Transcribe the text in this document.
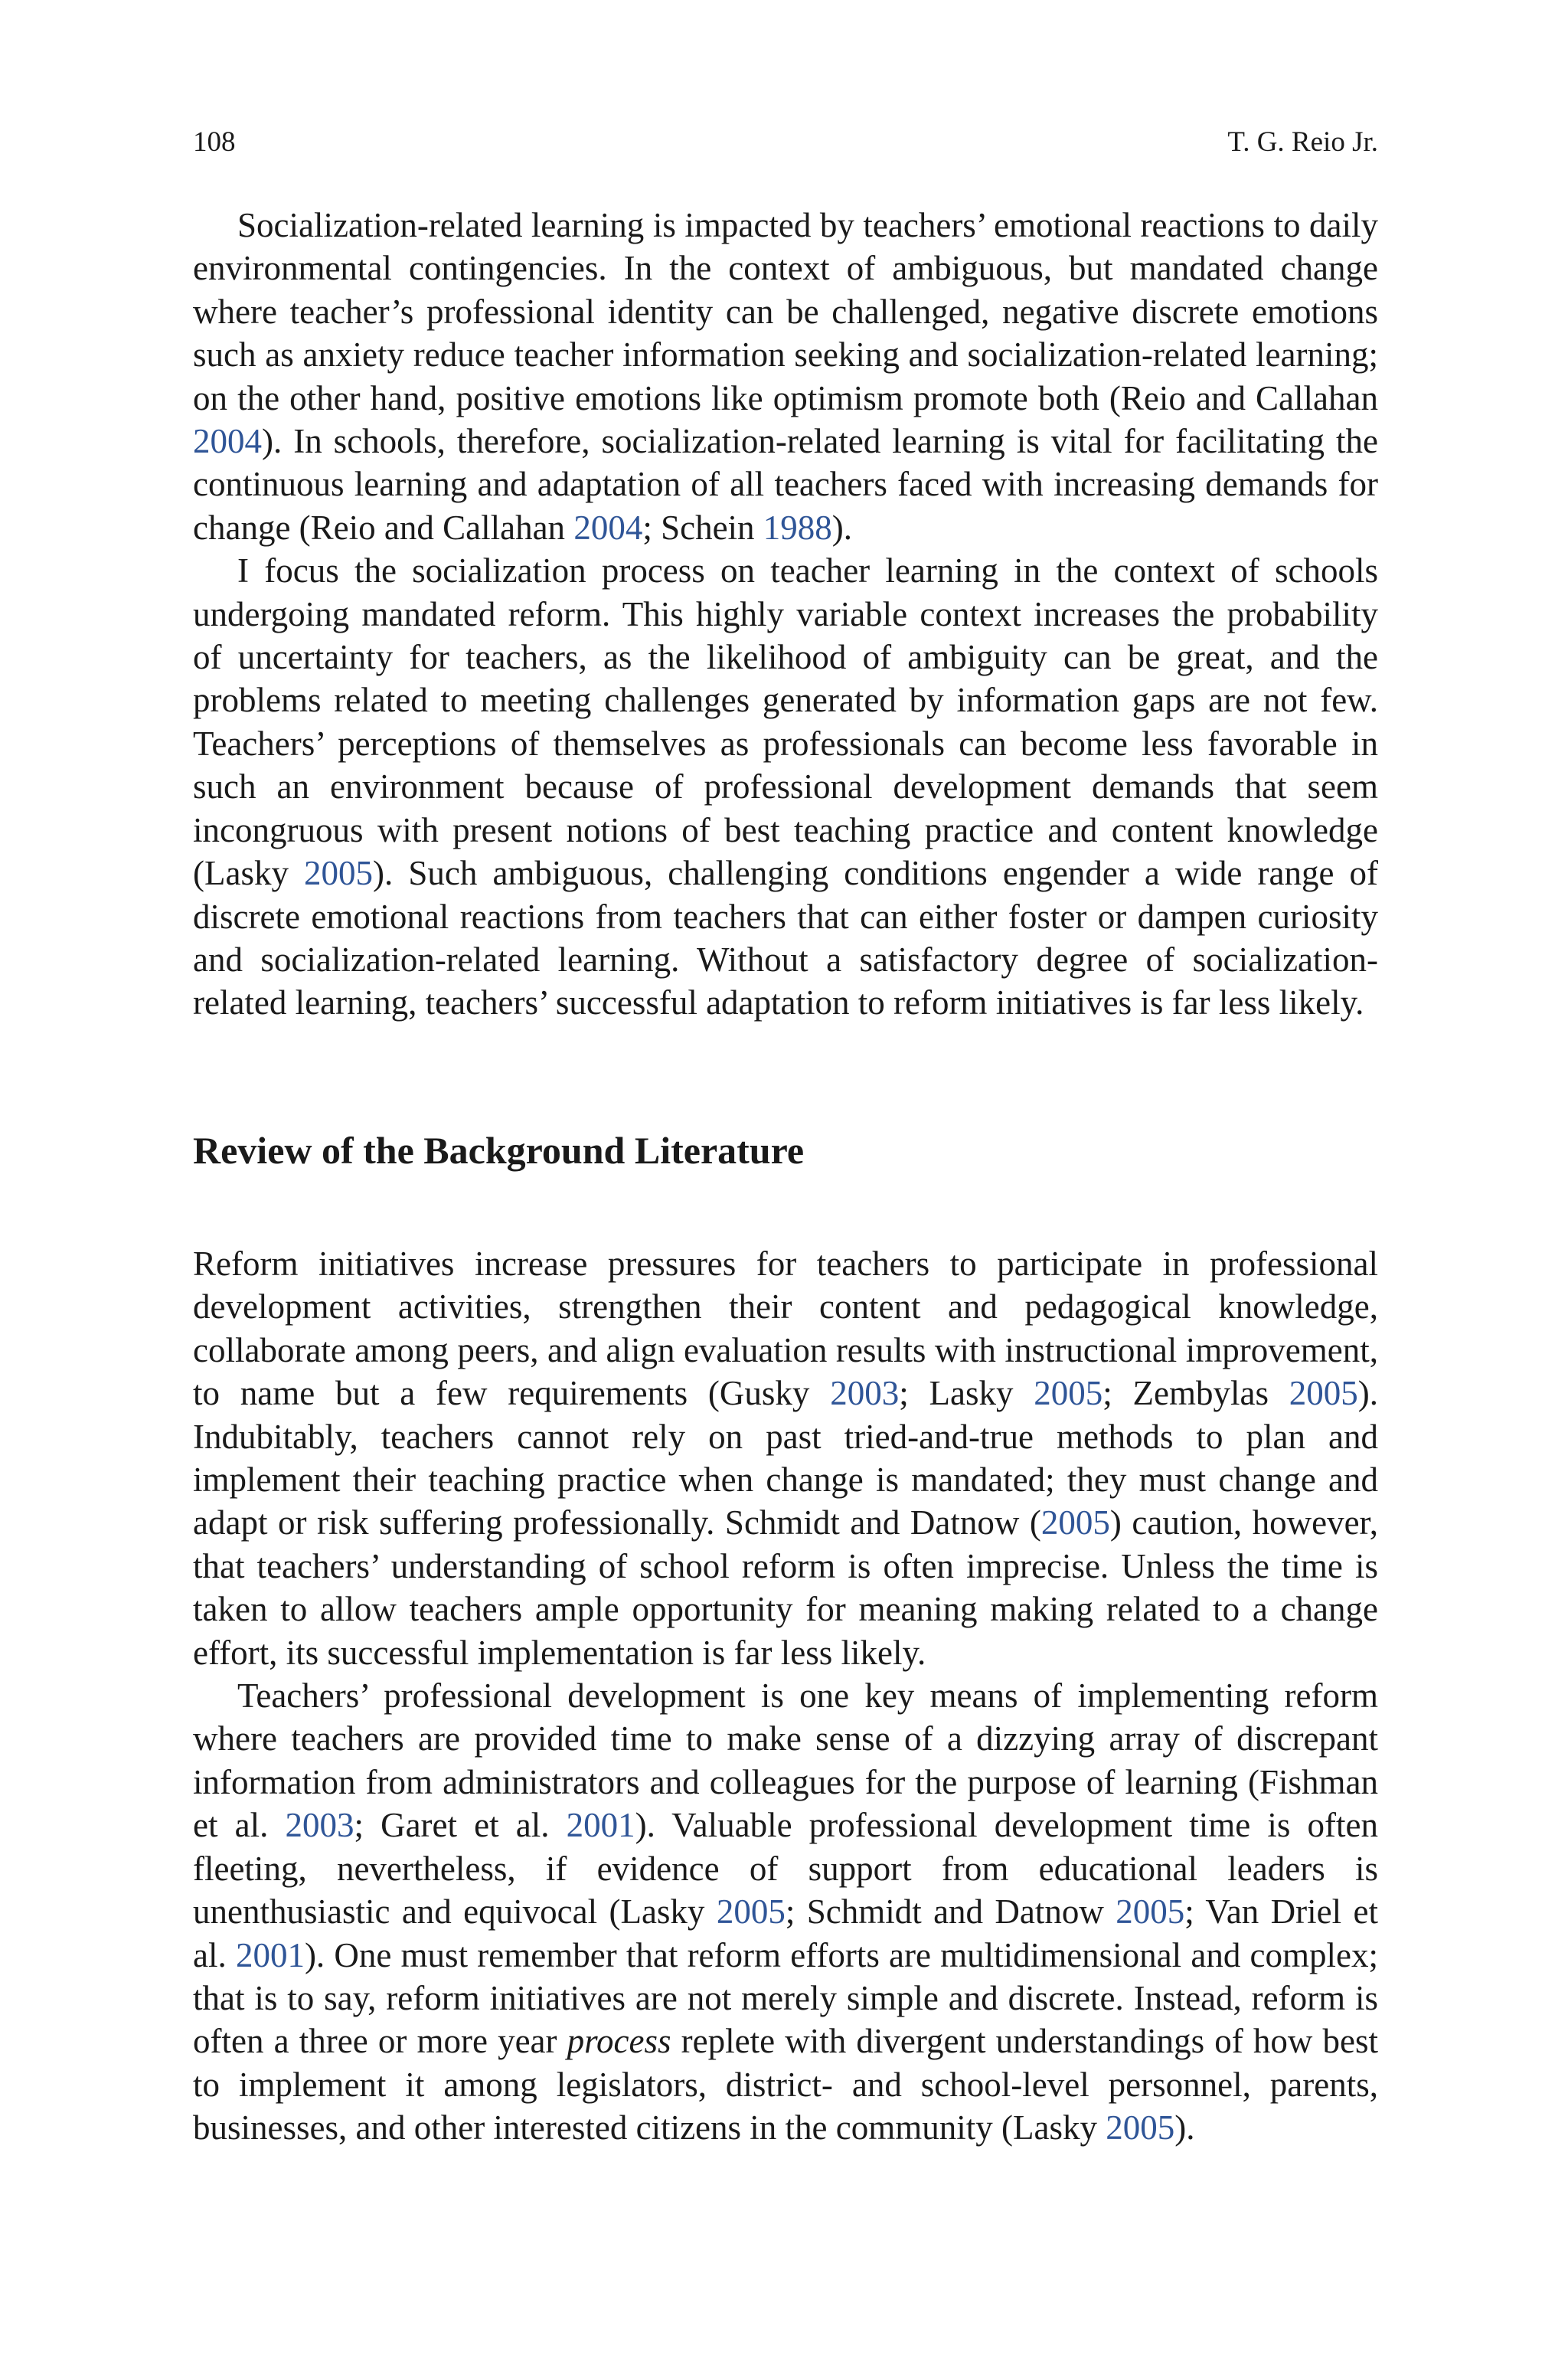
108	T. G. Reio Jr.

Socialization-related learning is impacted by teachers’ emotional reactions to daily environmental contingencies. In the context of ambiguous, but mandated change where teacher’s professional identity can be challenged, negative discrete emotions such as anxiety reduce teacher information seeking and socialization-related learning; on the other hand, positive emotions like optimism promote both (Reio and Callahan 2004). In schools, therefore, socialization-related learning is vital for facilitating the continuous learning and adaptation of all teachers faced with increasing demands for change (Reio and Callahan 2004; Schein 1988).

I focus the socialization process on teacher learning in the context of schools undergoing mandated reform. This highly variable context increases the probability of uncertainty for teachers, as the likelihood of ambiguity can be great, and the problems related to meeting challenges generated by information gaps are not few. Teachers’ perceptions of themselves as professionals can become less favorable in such an environment because of professional development demands that seem incongruous with present notions of best teaching practice and content knowledge (Lasky 2005). Such ambiguous, challenging conditions engender a wide range of discrete emotional reactions from teachers that can either foster or dampen curiosity and socialization-related learning. Without a satisfactory degree of socialization-related learning, teachers’ successful adaptation to reform initiatives is far less likely.

Review of the Background Literature

Reform initiatives increase pressures for teachers to participate in professional development activities, strengthen their content and pedagogical knowledge, collaborate among peers, and align evaluation results with instructional improvement, to name but a few requirements (Gusky 2003; Lasky 2005; Zembylas 2005). Indubitably, teachers cannot rely on past tried-and-true methods to plan and implement their teaching practice when change is mandated; they must change and adapt or risk suffering professionally. Schmidt and Datnow (2005) caution, however, that teachers’ understanding of school reform is often imprecise. Unless the time is taken to allow teachers ample opportunity for meaning making related to a change effort, its successful implementation is far less likely.

Teachers’ professional development is one key means of implementing reform where teachers are provided time to make sense of a dizzying array of discrepant information from administrators and colleagues for the purpose of learning (Fishman et al. 2003; Garet et al. 2001). Valuable professional development time is often fleeting, nevertheless, if evidence of support from educational leaders is unenthusiastic and equivocal (Lasky 2005; Schmidt and Datnow 2005; Van Driel et al. 2001). One must remember that reform efforts are multidimensional and complex; that is to say, reform initiatives are not merely simple and discrete. Instead, reform is often a three or more year process replete with divergent understandings of how best to implement it among legislators, district- and school-level personnel, parents, businesses, and other interested citizens in the community (Lasky 2005).
